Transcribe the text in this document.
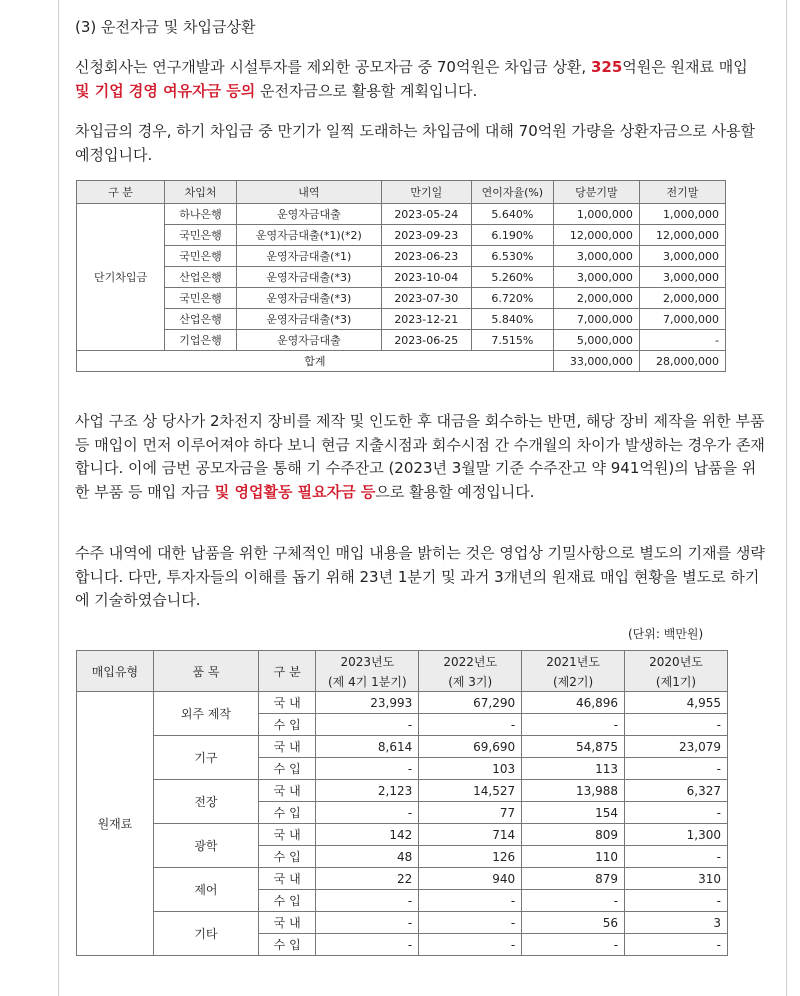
(3) 운전자금 및 차입금상환
신청회사는 연구개발과 시설투자를 제외한 공모자금 중 70억원은 차입금 상환, 325억원은 원재료 매입 및 기업 경영 여유자금 등의 운전자금으로 활용할 계획입니다.
차입금의 경우, 하기 차입금 중 만기가 일찍 도래하는 차입금에 대해 70억원 가량을 상환자금으로 사용할 예정입니다.
구 분	차입처	내역	만기일	연이자율(%)	당분기말	전기말
단기차입금	하나은행	운영자금대출	2023-05-24	5.640%	1,000,000	1,000,000
	국민은행	운영자금대출(*1)(*2)	2023-09-23	6.190%	12,000,000	12,000,000
	국민은행	운영자금대출(*1)	2023-06-23	6.530%	3,000,000	3,000,000
	산업은행	운영자금대출(*3)	2023-10-04	5.260%	3,000,000	3,000,000
	국민은행	운영자금대출(*3)	2023-07-30	6.720%	2,000,000	2,000,000
	산업은행	운영자금대출(*3)	2023-12-21	5.840%	7,000,000	7,000,000
	기업은행	운영자금대출	2023-06-25	7.515%	5,000,000	-
합계					33,000,000	28,000,000
사업 구조 상 당사가 2차전지 장비를 제작 및 인도한 후 대금을 회수하는 반면, 해당 장비 제작을 위한 부품 등 매입이 먼저 이루어져야 하다 보니 현금 지출시점과 회수시점 간 수개월의 차이가 발생하는 경우가 존재합니다. 이에 금번 공모자금을 통해 기 수주잔고 (2023년 3월말 기준 수주잔고 약 941억원)의 납품을 위한 부품 등 매입 자금 및 영업활동 필요자금 등으로 활용할 예정입니다.
수주 내역에 대한 납품을 위한 구체적인 매입 내용을 밝히는 것은 영업상 기밀사항으로 별도의 기재를 생략합니다. 다만, 투자자들의 이해를 돕기 위해 23년 1분기 및 과거 3개년의 원재료 매입 현황을 별도로 하기에 기술하였습니다.
(단위: 백만원)
매입유형	품 목	구 분	2023년도	2022년도	2021년도	2020년도
			(제 4기 1분기)	(제 3기)	(제2기)	(제1기)
원재료	외주 제작	국 내	23,993	67,290	46,896	4,955
		수 입	-	-	-	-
	기구	국 내	8,614	69,690	54,875	23,079
		수 입	-	103	113	-
	전장	국 내	2,123	14,527	13,988	6,327
		수 입	-	77	154	-
	광학	국 내	142	714	809	1,300
		수 입	48	126	110	-
	제어	국 내	22	940	879	310
		수 입	-	-	-	-
	기타	국 내	-	-	56	3
		수 입	-	-	-	-
